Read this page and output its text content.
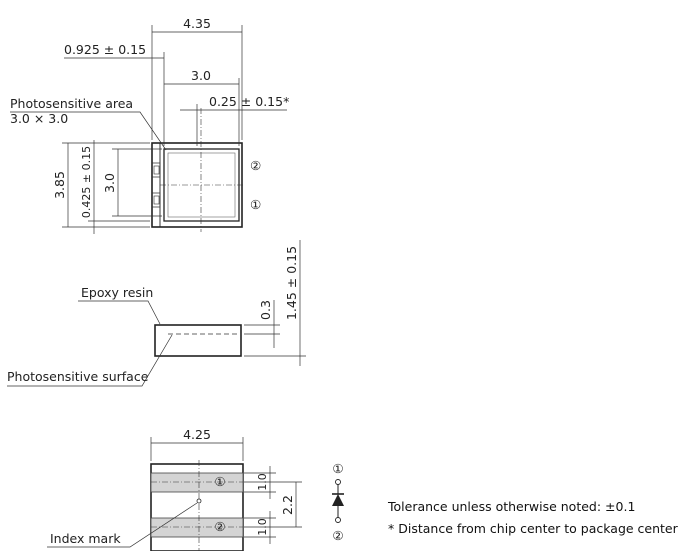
4.35
0.925 ± 0.15
3.0
0.25 ± 0.15*
Photosensitive area
3.0 × 3.0
3.85 0.425 ± 0.15 3.0
②
①
Epoxy resin
Photosensitive surface
0.3 1.45 ± 0.15
①
②
4.25
1.0
1.0
2.2
Index mark
①
②
Tolerance unless otherwise noted: ±0.1
* Distance from chip center to package center
